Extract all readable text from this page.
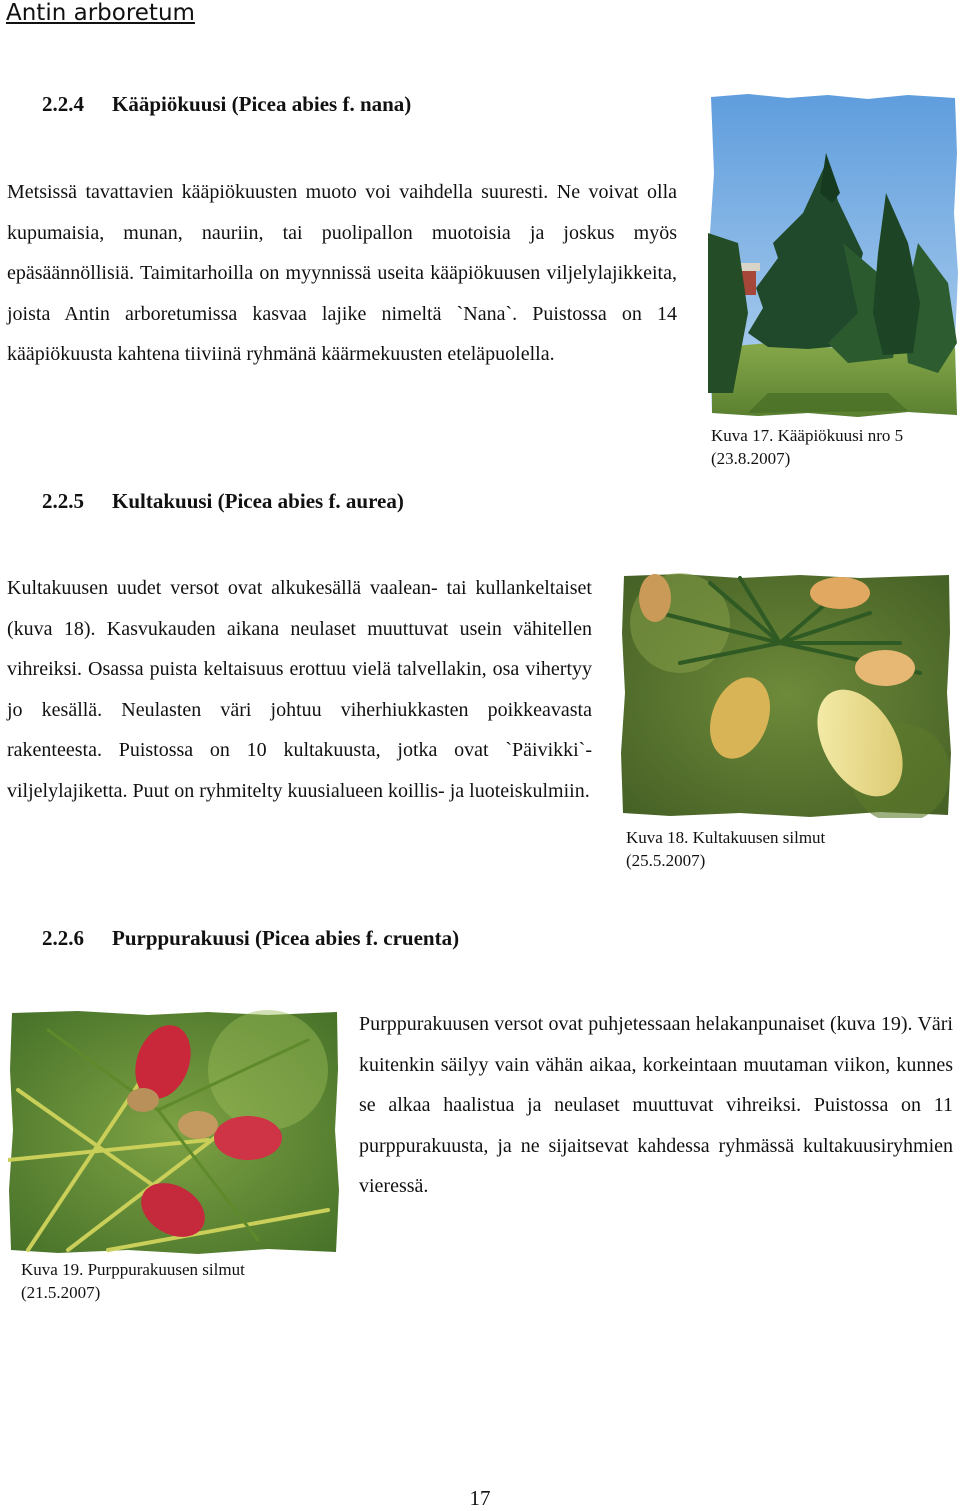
Antin arboretum
2.2.4 Kääpiökuusi (Picea abies f. nana)
Metsissä tavattavien kääpiökuusten muoto voi vaihdella suuresti. Ne voivat olla kupumaisia, munan, nauriin, tai puolipallon muotoisia ja joskus myös epäsäännöllisiä. Taimitarhoilla on myynnissä useita kääpiökuusen viljelylajikkeita, joista Antin arboretumissa kasvaa lajike nimeltä `Nana`. Puistossa on 14 kääpiökuusta kahtena tiiviinä ryhmänä käärmekuusten eteläpuolella.
Kuva 17. Kääpiökuusi nro 5
(23.8.2007)
2.2.5 Kultakuusi (Picea abies f. aurea)
Kultakuusen uudet versot ovat alkukesällä vaalean- tai kullankeltaiset (kuva 18). Kasvukauden aikana neulaset muuttuvat usein vähitellen vihreiksi. Osassa puista keltaisuus erottuu vielä talvellakin, osa vihertyy jo kesällä. Neulasten väri johtuu viherhiukkasten poikkeavasta rakenteesta. Puistossa on 10 kultakuusta, jotka ovat `Päivikki`-viljelylajiketta. Puut on ryhmitelty kuusialueen koillis- ja luoteiskulmiin.
Kuva 18. Kultakuusen silmut
(25.5.2007)
2.2.6 Purppurakuusi (Picea abies f. cruenta)
Purppurakuusen versot ovat puhjetessaan helakanpunaiset (kuva 19). Väri kuitenkin säilyy vain vähän aikaa, korkeintaan muutaman viikon, kunnes se alkaa haalistua ja neulaset muuttuvat vihreiksi. Puistossa on 11 purppurakuusta, ja ne sijaitsevat kahdessa ryhmässä kultakuusiryhmien vieressä.
Kuva 19. Purppurakuusen silmut
(21.5.2007)
17
